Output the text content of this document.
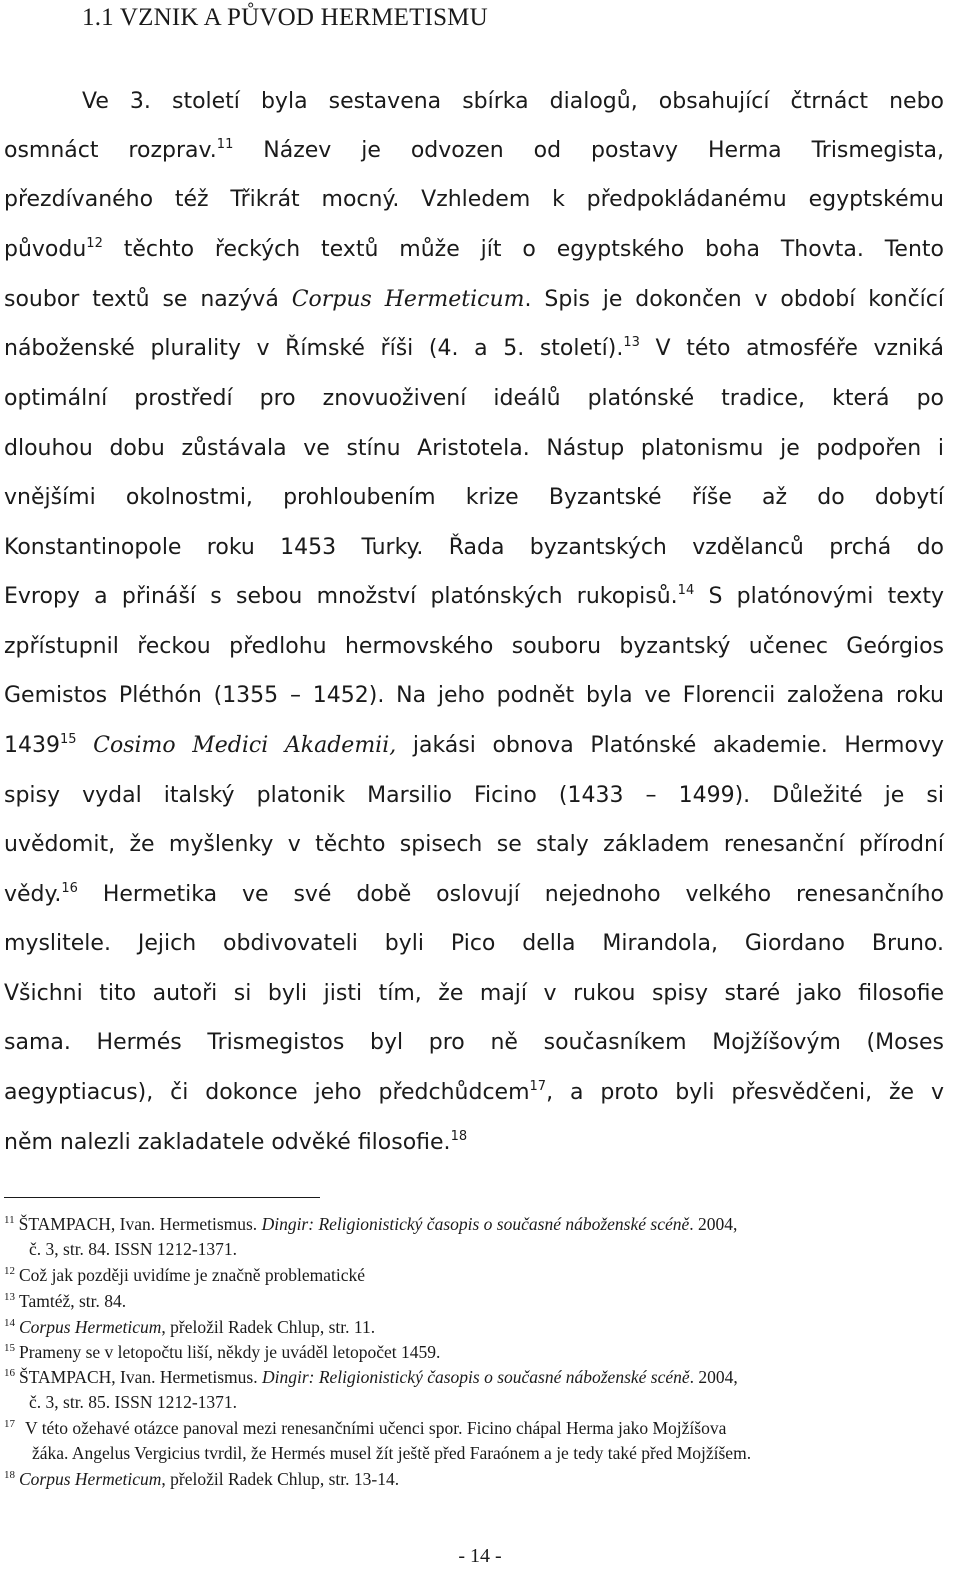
1.1 VZNIK A PŮVOD HERMETISMU
Ve 3. století byla sestavena sbírka dialogů, obsahující čtrnáct nebo
osmnáct rozprav.$^{11}$ Název je odvozen od postavy Herma Trismegista,
přezdívaného též Třikrát mocný. Vzhledem k předpokládanému egyptskému
původu$^{12}$ těchto řeckých textů může jít o egyptského boha Thovta. Tento
soubor textů se nazývá Corpus Hermeticum. Spis je dokončen v období končící
náboženské plurality v Římské říši (4. a 5. století).$^{13}$ V této atmosféře vzniká
optimální prostředí pro znovuoživení ideálů platónské tradice, která po
dlouhou dobu zůstávala ve stínu Aristotela. Nástup platonismu je podpořen i
vnějšími okolnostmi, prohloubením krize Byzantské říše až do dobytí
Konstantinopole roku 1453 Turky. Řada byzantských vzdělanců prchá do
Evropy a přináší s sebou množství platónských rukopisů.$^{14}$ S platónovými texty
zpřístupnil řeckou předlohu hermovského souboru byzantský učenec Geórgios
Gemistos Pléthón (1355 – 1452). Na jeho podnět byla ve Florencii založena roku
1439$^{15}$ Cosimo Medici Akademii, jakási obnova Platónské akademie. Hermovy
spisy vydal italský platonik Marsilio Ficino (1433 – 1499). Důležité je si
uvědomit, že myšlenky v těchto spisech se staly základem renesanční přírodní
vědy.$^{16}$ Hermetika ve své době oslovují nejednoho velkého renesančního
myslitele. Jejich obdivovateli byli Pico della Mirandola, Giordano Bruno.
Všichni tito autoři si byli jisti tím, že mají v rukou spisy staré jako filosofie
sama. Hermés Trismegistos byl pro ně současníkem Mojžíšovým (Moses
aegyptiacus), či dokonce jeho předchůdcem$^{17}$, a proto byli přesvědčeni, že v
něm nalezli zakladatele odvěké filosofie.$^{18}$
$^{11}$ ŠTAMPACH, Ivan. Hermetismus. Dingir: Religionistický časopis o současné náboženské scéně. 2004,
č. 3, str. 84. ISSN 1212-1371.
$^{12}$ Což jak později uvidíme je značně problematické
$^{13}$ Tamtéž, str. 84.
$^{14}$ Corpus Hermeticum, přeložil Radek Chlup, str. 11.
$^{15}$ Prameny se v letopočtu liší, někdy je uváděl letopočet 1459.
$^{16}$ ŠTAMPACH, Ivan. Hermetismus. Dingir: Religionistický časopis o současné náboženské scéně. 2004,
č. 3, str. 85. ISSN 1212-1371.
$^{17}$ V této ožehavé otázce panoval mezi renesančními učenci spor. Ficino chápal Herma jako Mojžíšova
žáka. Angelus Vergicius tvrdil, že Hermés musel žít ještě před Faraónem a je tedy také před Mojžíšem.
$^{18}$ Corpus Hermeticum, přeložil Radek Chlup, str. 13-14.
- 14 -
